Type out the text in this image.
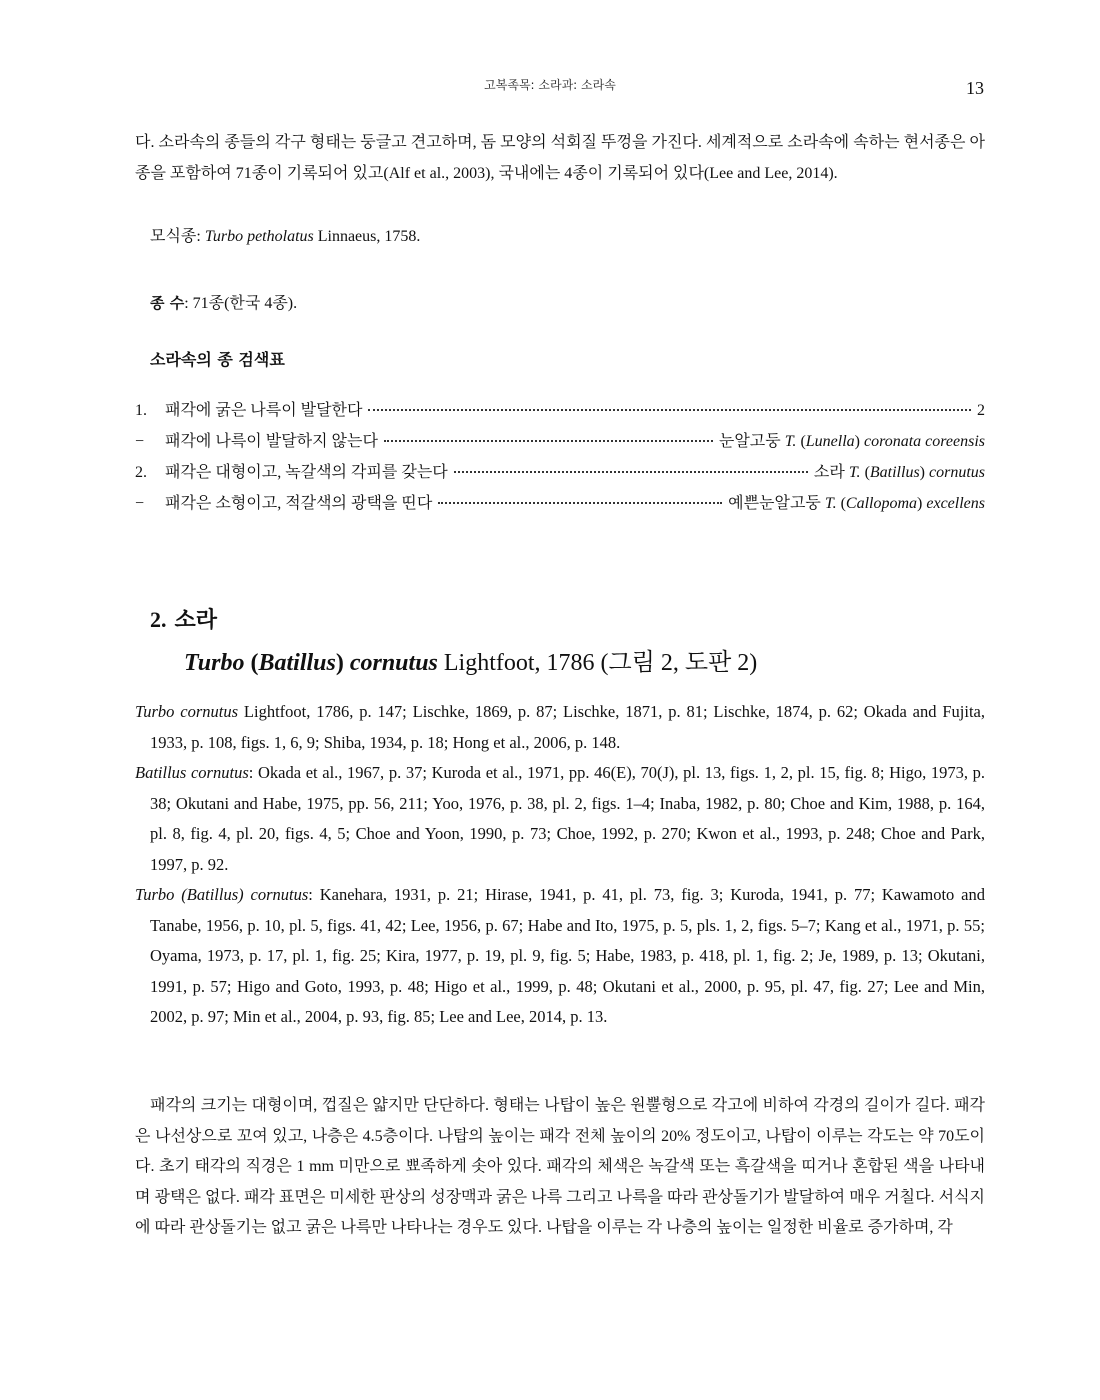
고복족목: 소라과: 소라속	13
다. 소라속의 종들의 각구 형태는 둥글고 견고하며, 돔 모양의 석회질 뚜껑을 가진다. 세계적으로 소라속에 속하는 현서종은 아종을 포함하여 71종이 기록되어 있고(Alf et al., 2003), 국내에는 4종이 기록되어 있다(Lee and Lee, 2014).
모식종: Turbo petholatus Linnaeus, 1758.
종 수: 71종(한국 4종).
소라속의 종 검색표
1.	패각에 굵은 나륵이 발달한다	2
−	패각에 나륵이 발달하지 않는다	눈알고둥 T. (Lunella) coronata coreensis
2.	패각은 대형이고, 녹갈색의 각피를 갖는다	소라 T. (Batillus) cornutus
−	패각은 소형이고, 적갈색의 광택을 띤다	예쁜눈알고둥 T. (Callopoma) excellens
2. 소라
Turbo (Batillus) cornutus Lightfoot, 1786 (그림 2, 도판 2)
Turbo cornutus Lightfoot, 1786, p. 147; Lischke, 1869, p. 87; Lischke, 1871, p. 81; Lischke, 1874, p. 62; Okada and Fujita, 1933, p. 108, figs. 1, 6, 9; Shiba, 1934, p. 18; Hong et al., 2006, p. 148.
Batillus cornutus: Okada et al., 1967, p. 37; Kuroda et al., 1971, pp. 46(E), 70(J), pl. 13, figs. 1, 2, pl. 15, fig. 8; Higo, 1973, p. 38; Okutani and Habe, 1975, pp. 56, 211; Yoo, 1976, p. 38, pl. 2, figs. 1–4; Inaba, 1982, p. 80; Choe and Kim, 1988, p. 164, pl. 8, fig. 4, pl. 20, figs. 4, 5; Choe and Yoon, 1990, p. 73; Choe, 1992, p. 270; Kwon et al., 1993, p. 248; Choe and Park, 1997, p. 92.
Turbo (Batillus) cornutus: Kanehara, 1931, p. 21; Hirase, 1941, p. 41, pl. 73, fig. 3; Kuroda, 1941, p. 77; Kawamoto and Tanabe, 1956, p. 10, pl. 5, figs. 41, 42; Lee, 1956, p. 67; Habe and Ito, 1975, p. 5, pls. 1, 2, figs. 5–7; Kang et al., 1971, p. 55; Oyama, 1973, p. 17, pl. 1, fig. 25; Kira, 1977, p. 19, pl. 9, fig. 5; Habe, 1983, p. 418, pl. 1, fig. 2; Je, 1989, p. 13; Okutani, 1991, p. 57; Higo and Goto, 1993, p. 48; Higo et al., 1999, p. 48; Okutani et al., 2000, p. 95, pl. 47, fig. 27; Lee and Min, 2002, p. 97; Min et al., 2004, p. 93, fig. 85; Lee and Lee, 2014, p. 13.
패각의 크기는 대형이며, 껍질은 얇지만 단단하다. 형태는 나탑이 높은 원뿔형으로 각고에 비하여 각경의 길이가 길다. 패각은 나선상으로 꼬여 있고, 나층은 4.5층이다. 나탑의 높이는 패각 전체 높이의 20% 정도이고, 나탑이 이루는 각도는 약 70도이다. 초기 태각의 직경은 1 mm 미만으로 뾰족하게 솟아 있다. 패각의 체색은 녹갈색 또는 흑갈색을 띠거나 혼합된 색을 나타내며 광택은 없다. 패각 표면은 미세한 판상의 성장맥과 굵은 나륵 그리고 나륵을 따라 관상돌기가 발달하여 매우 거칠다. 서식지에 따라 관상돌기는 없고 굵은 나륵만 나타나는 경우도 있다. 나탑을 이루는 각 나층의 높이는 일정한 비율로 증가하며, 각
